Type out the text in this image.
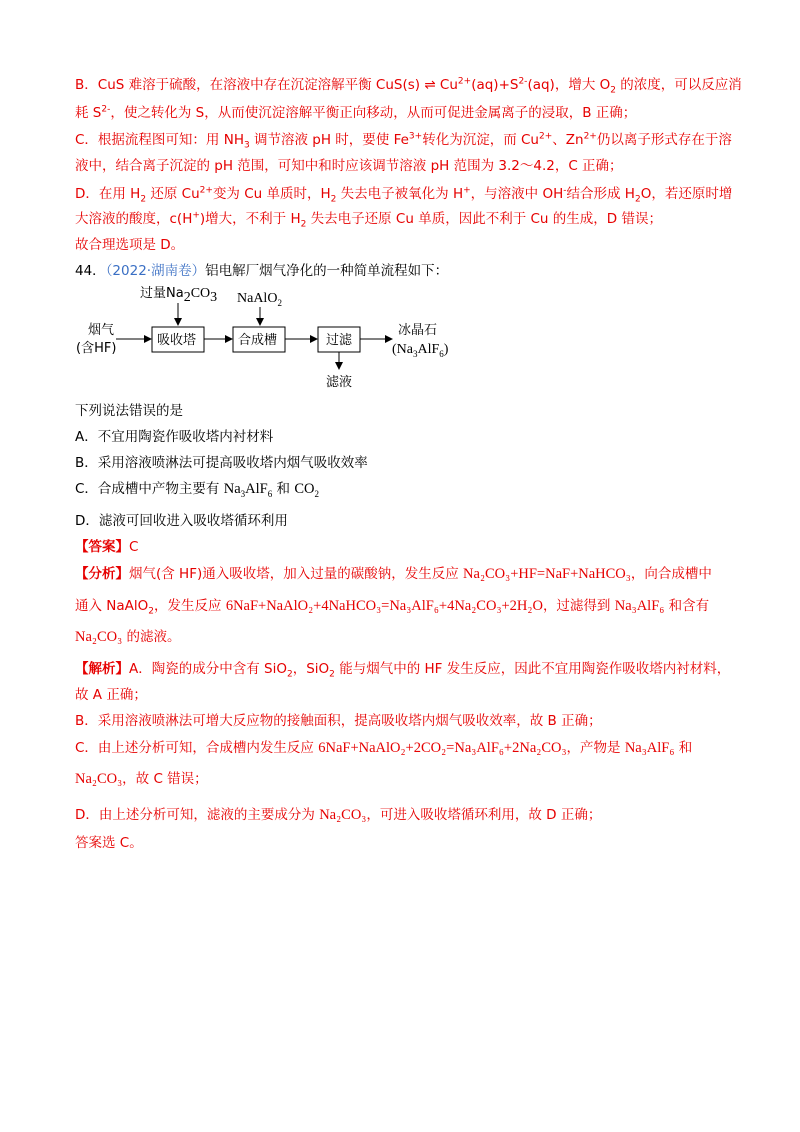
B．CuS 难溶于硫酸，在溶液中存在沉淀溶解平衡 CuS(s) ⇌ $Cu^{2+}(aq)+S^{2-}(aq)$，增大 $O_2$ 的浓度，可以反应消
耗 $S^{2-}$，使之转化为 S，从而使沉淀溶解平衡正向移动，从而可促进金属离子的浸取，B 正确；
C．根据流程图可知：用 $NH_3$ 调节溶液 pH 时，要使 $Fe^{3+}$转化为沉淀，而 $Cu^{2+}$、$Zn^{2+}$仍以离子形式存在于溶
液中，结合离子沉淀的 pH 范围，可知中和时应该调节溶液 pH 范围为 3.2～4.2，C 正确；
D．在用 $H_2$ 还原 $Cu^{2+}$变为 Cu 单质时，$H_2$ 失去电子被氧化为 H+，与溶液中 OH-结合形成 $H_2O$，若还原时增
大溶液的酸度，c(H+)增大，不利于 $H_2$ 失去电子还原 Cu 单质，因此不利于 Cu 的生成，D 错误；
故合理选项是 D。
44．（2022·湖南卷）铝电解厂烟气净化的一种简单流程如下：
过量Na2CO3 NaAlO$_2$
烟气
(含HF)
吸收塔	合成槽	过滤
冰晶石
$(Na_3AlF_6)$
滤液
下列说法错误的是
A．不宜用陶瓷作吸收塔内衬材料
B．采用溶液喷淋法可提高吸收塔内烟气吸收效率
C．合成槽中产物主要有 $Na_3AlF_6$ 和 $CO_2$
D．滤液可回收进入吸收塔循环利用
【答案】C
【分析】烟气(含 HF)通入吸收塔，加入过量的碳酸钠，发生反应 Na₂CO₃+HF=NaF+NaHCO₃，向合成槽中
通入 NaAlO$_2$，发生反应 6NaF+NaAlO₂+4NaHCO₃=Na₃AlF₆+4Na₂CO₃+2H₂O，过滤得到 Na₃AlF₆ 和含有
Na₂CO₃ 的滤液。
【解析】A．陶瓷的成分中含有 SiO$_2$，SiO$_2$ 能与烟气中的 HF 发生反应，因此不宜用陶瓷作吸收塔内衬材料，
故 A 正确；
B．采用溶液喷淋法可增大反应物的接触面积，提高吸收塔内烟气吸收效率，故 B 正确；
C．由上述分析可知，合成槽内发生反应 6NaF+NaAlO₂+2CO₂=Na₃AlF₆+2Na₂CO₃，产物是 Na₃AlF₆ 和
Na₂CO₃，故 C 错误；
D．由上述分析可知，滤液的主要成分为 Na₂CO₃，可进入吸收塔循环利用，故 D 正确；
答案选 C。
